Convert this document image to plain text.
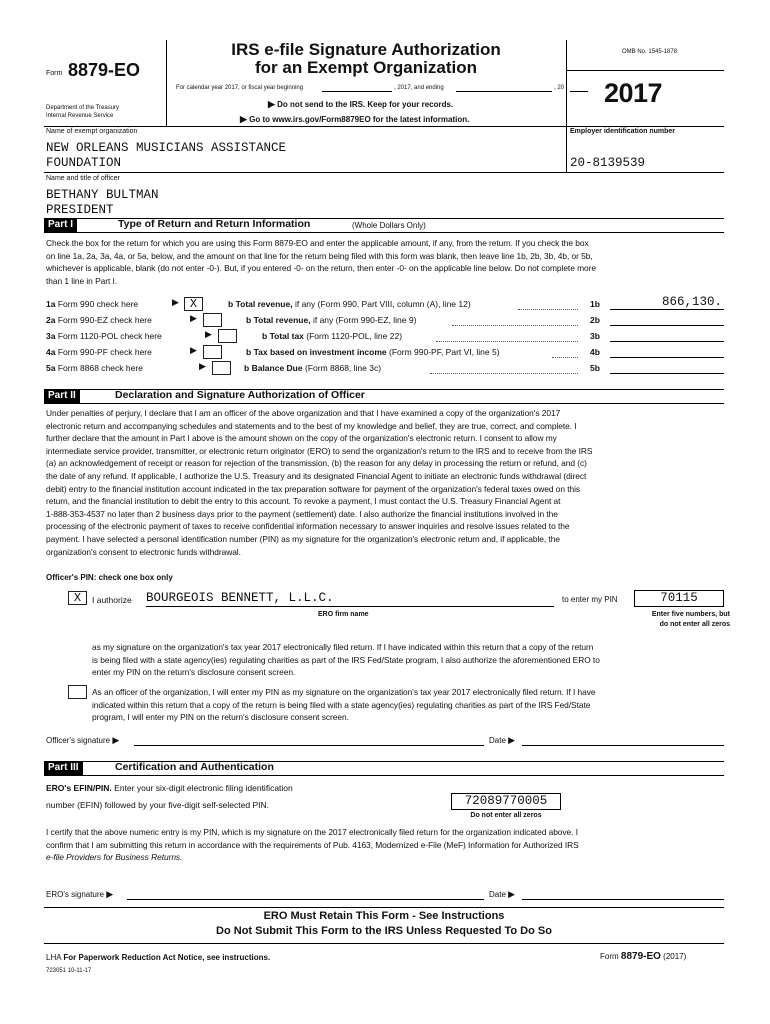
Form 8879-EO
Department of the Treasury
Internal Revenue Service
IRS e-file Signature Authorization
for an Exempt Organization
For calendar year 2017, or fiscal year beginning	, 2017, and ending	, 20
▶ Do not send to the IRS. Keep for your records.
▶ Go to www.irs.gov/Form8879EO for the latest information.
OMB No. 1545-1878
2017
Name of exempt organization
NEW ORLEANS MUSICIANS ASSISTANCE
FOUNDATION
Employer identification number
20-8139539
Name and title of officer
BETHANY BULTMAN
PRESIDENT
Part I	Type of Return and Return Information	(Whole Dollars Only)
Check the box for the return for which you are using this Form 8879-EO and enter the applicable amount, if any, from the return. If you check the box
on line 1a, 2a, 3a, 4a, or 5a, below, and the amount on that line for the return being filed with this form was blank, then leave line 1b, 2b, 3b, 4b, or 5b,
whichever is applicable, blank (do not enter -0-). But, if you entered -0- on the return, then enter -0- on the applicable line below. Do not complete more
than 1 line in Part I.
1a Form 990 check here	▶ X	b Total revenue, if any (Form 990, Part VIII, column (A), line 12)	1b	866,130.
2a Form 990-EZ check here	▶	b Total revenue, if any (Form 990-EZ, line 9)	2b
3a Form 1120-POL check here	▶	b Total tax (Form 1120-POL, line 22)	3b
4a Form 990-PF check here	▶	b Tax based on investment income (Form 990-PF, Part VI, line 5)	4b
5a Form 8868 check here	▶	b Balance Due (Form 8868, line 3c)	5b
Part II	Declaration and Signature Authorization of Officer
Under penalties of perjury, I declare that I am an officer of the above organization and that I have examined a copy of the organization's 2017
electronic return and accompanying schedules and statements and to the best of my knowledge and belief, they are true, correct, and complete. I
further declare that the amount in Part I above is the amount shown on the copy of the organization's electronic return. I consent to allow my
intermediate service provider, transmitter, or electronic return originator (ERO) to send the organization's return to the IRS and to receive from the IRS
(a) an acknowledgement of receipt or reason for rejection of the transmission, (b) the reason for any delay in processing the return or refund, and (c)
the date of any refund. If applicable, I authorize the U.S. Treasury and its designated Financial Agent to initiate an electronic funds withdrawal (direct
debit) entry to the financial institution account indicated in the tax preparation software for payment of the organization's federal taxes owed on this
return, and the financial institution to debit the entry to this account. To revoke a payment, I must contact the U.S. Treasury Financial Agent at
1-888-353-4537 no later than 2 business days prior to the payment (settlement) date. I also authorize the financial institutions involved in the
processing of the electronic payment of taxes to receive confidential information necessary to answer inquiries and resolve issues related to the
payment. I have selected a personal identification number (PIN) as my signature for the organization's electronic return and, if applicable, the
organization's consent to electronic funds withdrawal.
Officer's PIN: check one box only
X	I authorize BOURGEOIS BENNETT, L.L.C.
ERO firm name
to enter my PIN	70115
Enter five numbers, but
do not enter all zeros
as my signature on the organization's tax year 2017 electronically filed return. If I have indicated within this return that a copy of the return
is being filed with a state agency(ies) regulating charities as part of the IRS Fed/State program, I also authorize the aforementioned ERO to
enter my PIN on the return's disclosure consent screen.
As an officer of the organization, I will enter my PIN as my signature on the organization's tax year 2017 electronically filed return. If I have
indicated within this return that a copy of the return is being filed with a state agency(ies) regulating charities as part of the IRS Fed/State
program, I will enter my PIN on the return's disclosure consent screen.
Officer's signature ▶	Date ▶
Part III	Certification and Authentication
ERO's EFIN/PIN. Enter your six-digit electronic filing identification
number (EFIN) followed by your five-digit self-selected PIN.	72089770005
Do not enter all zeros
I certify that the above numeric entry is my PIN, which is my signature on the 2017 electronically filed return for the organization indicated above. I
confirm that I am submitting this return in accordance with the requirements of Pub. 4163, Modernized e-File (MeF) Information for Authorized IRS
e-file Providers for Business Returns.
ERO's signature ▶	Date ▶
ERO Must Retain This Form - See Instructions
Do Not Submit This Form to the IRS Unless Requested To Do So
LHA For Paperwork Reduction Act Notice, see instructions.	Form 8879-EO (2017)
723051 10-11-17
